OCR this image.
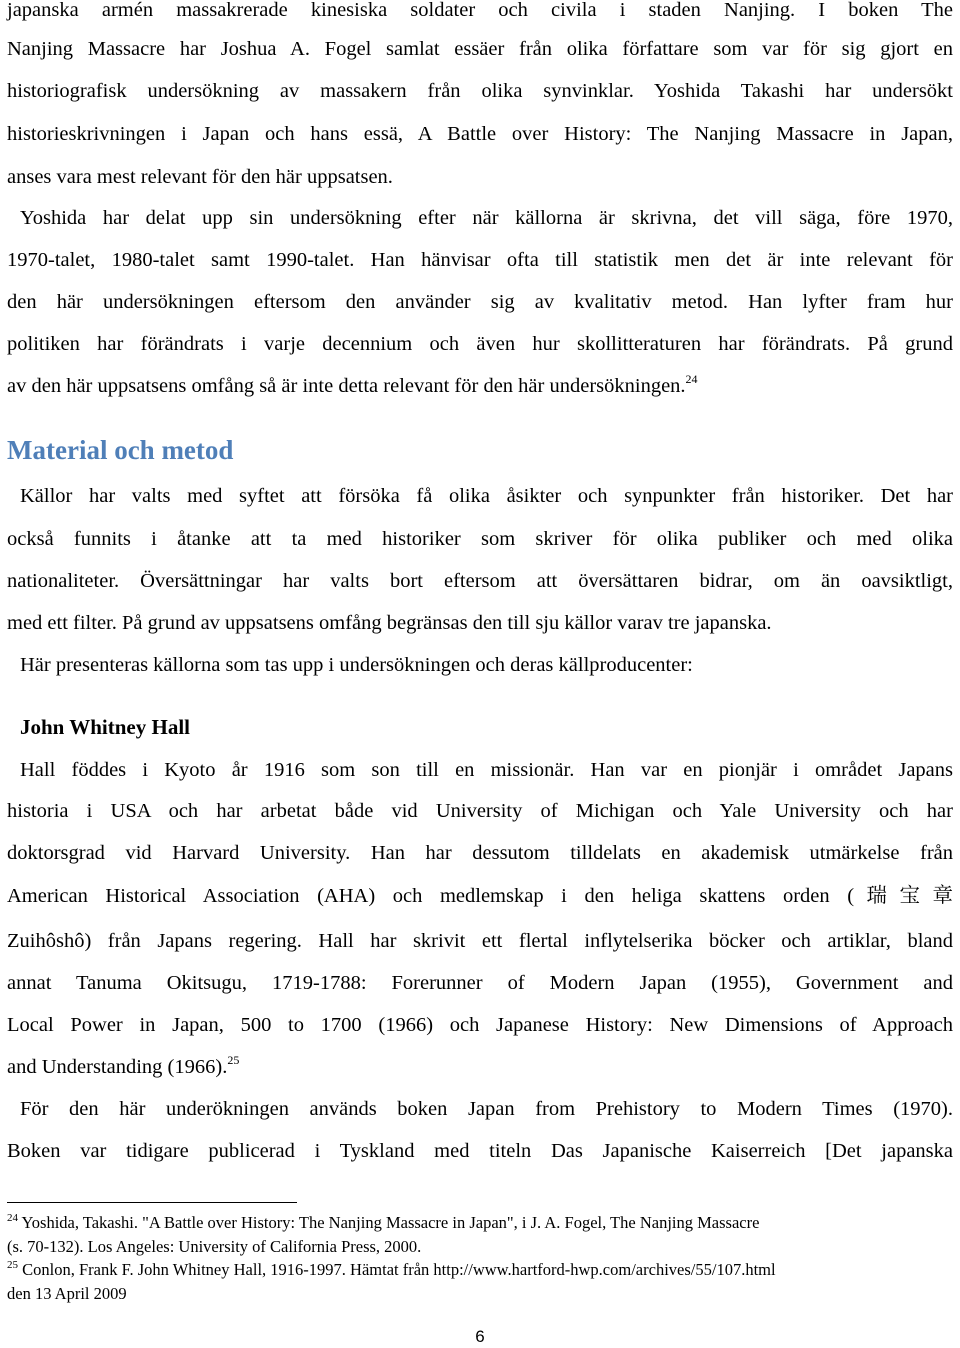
japanska armén massakrerade kinesiska soldater och civila i staden Nanjing. I boken The
Nanjing Massacre har Joshua A. Fogel samlat essäer från olika författare som var för sig gjort en
historiografisk undersökning av massakern från olika synvinklar. Yoshida Takashi har undersökt
historieskrivningen i Japan och hans essä, A Battle over History: The Nanjing Massacre in Japan,
anses vara mest relevant för den här uppsatsen.
Yoshida har delat upp sin undersökning efter när källorna är skrivna, det vill säga, före 1970,
1970-talet, 1980-talet samt 1990-talet. Han hänvisar ofta till statistik men det är inte relevant för
den här undersökningen eftersom den använder sig av kvalitativ metod. Han lyfter fram hur
politiken har förändrats i varje decennium och även hur skollitteraturen har förändrats. På grund
av den här uppsatsens omfång så är inte detta relevant för den här undersökningen.$^{24}$
Material och metod
Källor har valts med syftet att försöka få olika åsikter och synpunkter från historiker. Det har
också funnits i åtanke att ta med historiker som skriver för olika publiker och med olika
nationaliteter. Översättningar har valts bort eftersom att översättaren bidrar, om än oavsiktligt,
med ett filter. På grund av uppsatsens omfång begränsas den till sju källor varav tre japanska.
Här presenteras källorna som tas upp i undersökningen och deras källproducenter:
John Whitney Hall
Hall föddes i Kyoto år 1916 som son till en missionär. Han var en pionjär i området Japans
historia i USA och har arbetat både vid University of Michigan och Yale University och har
doktorsgrad vid Harvard University. Han har dessutom tilldelats en akademisk utmärkelse från
American Historical Association (AHA) och medlemskap i den heliga skattens orden (瑞宝章
Zuihôshô) från Japans regering. Hall har skrivit ett flertal inflytelserika böcker och artiklar, bland
annat Tanuma Okitsugu, 1719-1788: Forerunner of Modern Japan (1955), Government and
Local Power in Japan, 500 to 1700 (1966) och Japanese History: New Dimensions of Approach
and Understanding (1966).$^{25}$
För den här underökningen används boken Japan from Prehistory to Modern Times (1970).
Boken var tidigare publicerad i Tyskland med titeln Das Japanische Kaiserreich [Det japanska
$^{24}$ Yoshida, Takashi. "A Battle over History: The Nanjing Massacre in Japan", i J. A. Fogel, The Nanjing Massacre
(s. 70-132). Los Angeles: University of California Press, 2000.
$^{25}$ Conlon, Frank F. John Whitney Hall, 1916-1997. Hämtat från http://www.hartford-hwp.com/archives/55/107.html
den 13 April 2009
6
